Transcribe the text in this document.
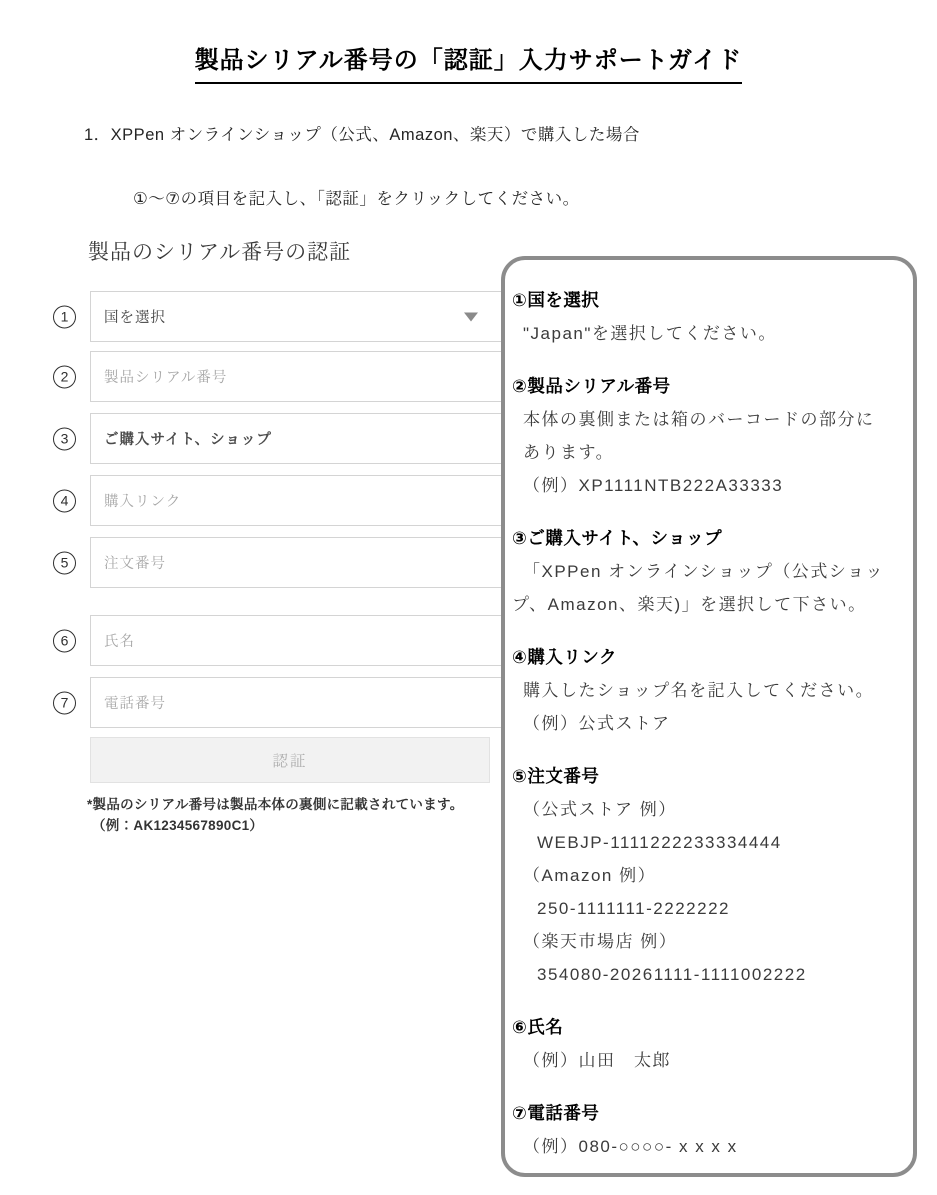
製品シリアル番号の「認証」入力サポートガイド
1．XPPen オンラインショップ（公式、Amazon、楽天）で購入した場合
①～⑦の項目を記入し、「認証」をクリックしてください。
製品のシリアル番号の認証
1	国を選択
2	製品シリアル番号
3	ご購入サイト、ショップ
4	購入リンク
5	注文番号
6	氏名
7	電話番号
認証
*製品のシリアル番号は製品本体の裏側に記載されています。
（例：AK1234567890C1）
①国を選択
"Japan"を選択してください。
②製品シリアル番号
本体の裏側または箱のバーコードの部分に
あります。
（例）XP1111NTB222A33333
③ご購入サイト、ショップ
「XPPen オンラインショップ（公式ショッ
プ、Amazon、楽天)」を選択して下さい。
④購入リンク
購入したショップ名を記入してください。
（例）公式ストア
⑤注文番号
（公式ストア 例）
WEBJP-1111222233334444
（Amazon 例）
250-1111111-2222222
（楽天市場店 例）
354080-20261111-1111002222
⑥氏名
（例）山田　太郎
⑦電話番号
（例）080-○○○○- x x x x
